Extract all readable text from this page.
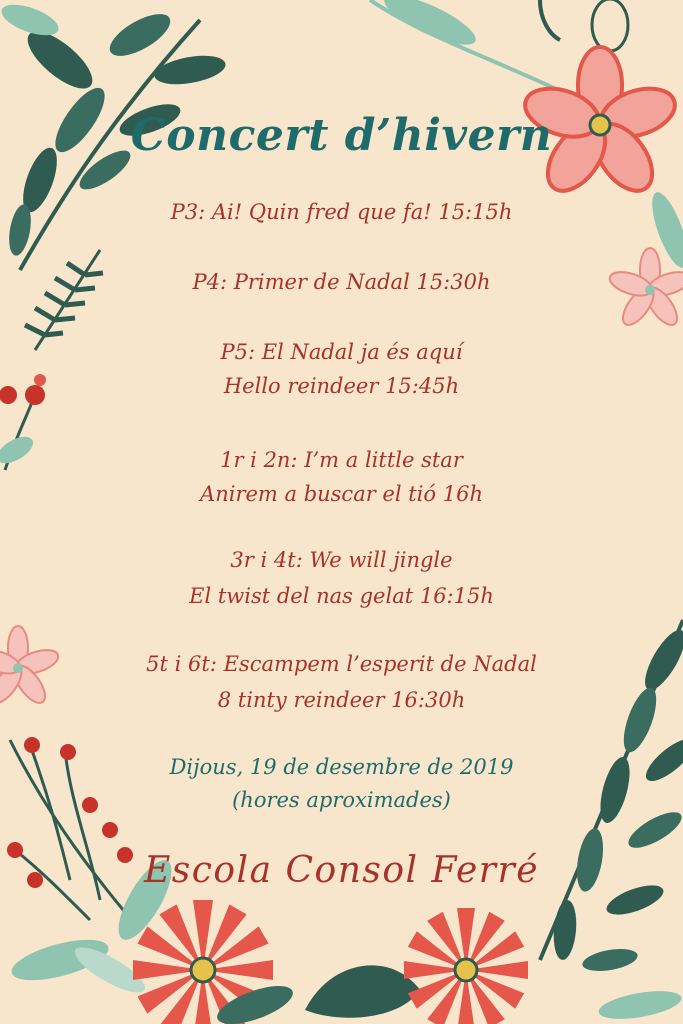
Concert d’hivern
P3: Ai! Quin fred que fa! 15:15h
P4: Primer de Nadal 15:30h
P5: El Nadal ja és aquí
Hello reindeer 15:45h
1r i 2n: I’m a little star
Anirem a buscar el tió 16h
3r i 4t: We will jingle
El twist del nas gelat 16:15h
5t i 6t: Escampem l’esperit de Nadal
8 tinty reindeer 16:30h
Dijous, 19 de desembre de 2019
(hores aproximades)
Escola Consol Ferré
